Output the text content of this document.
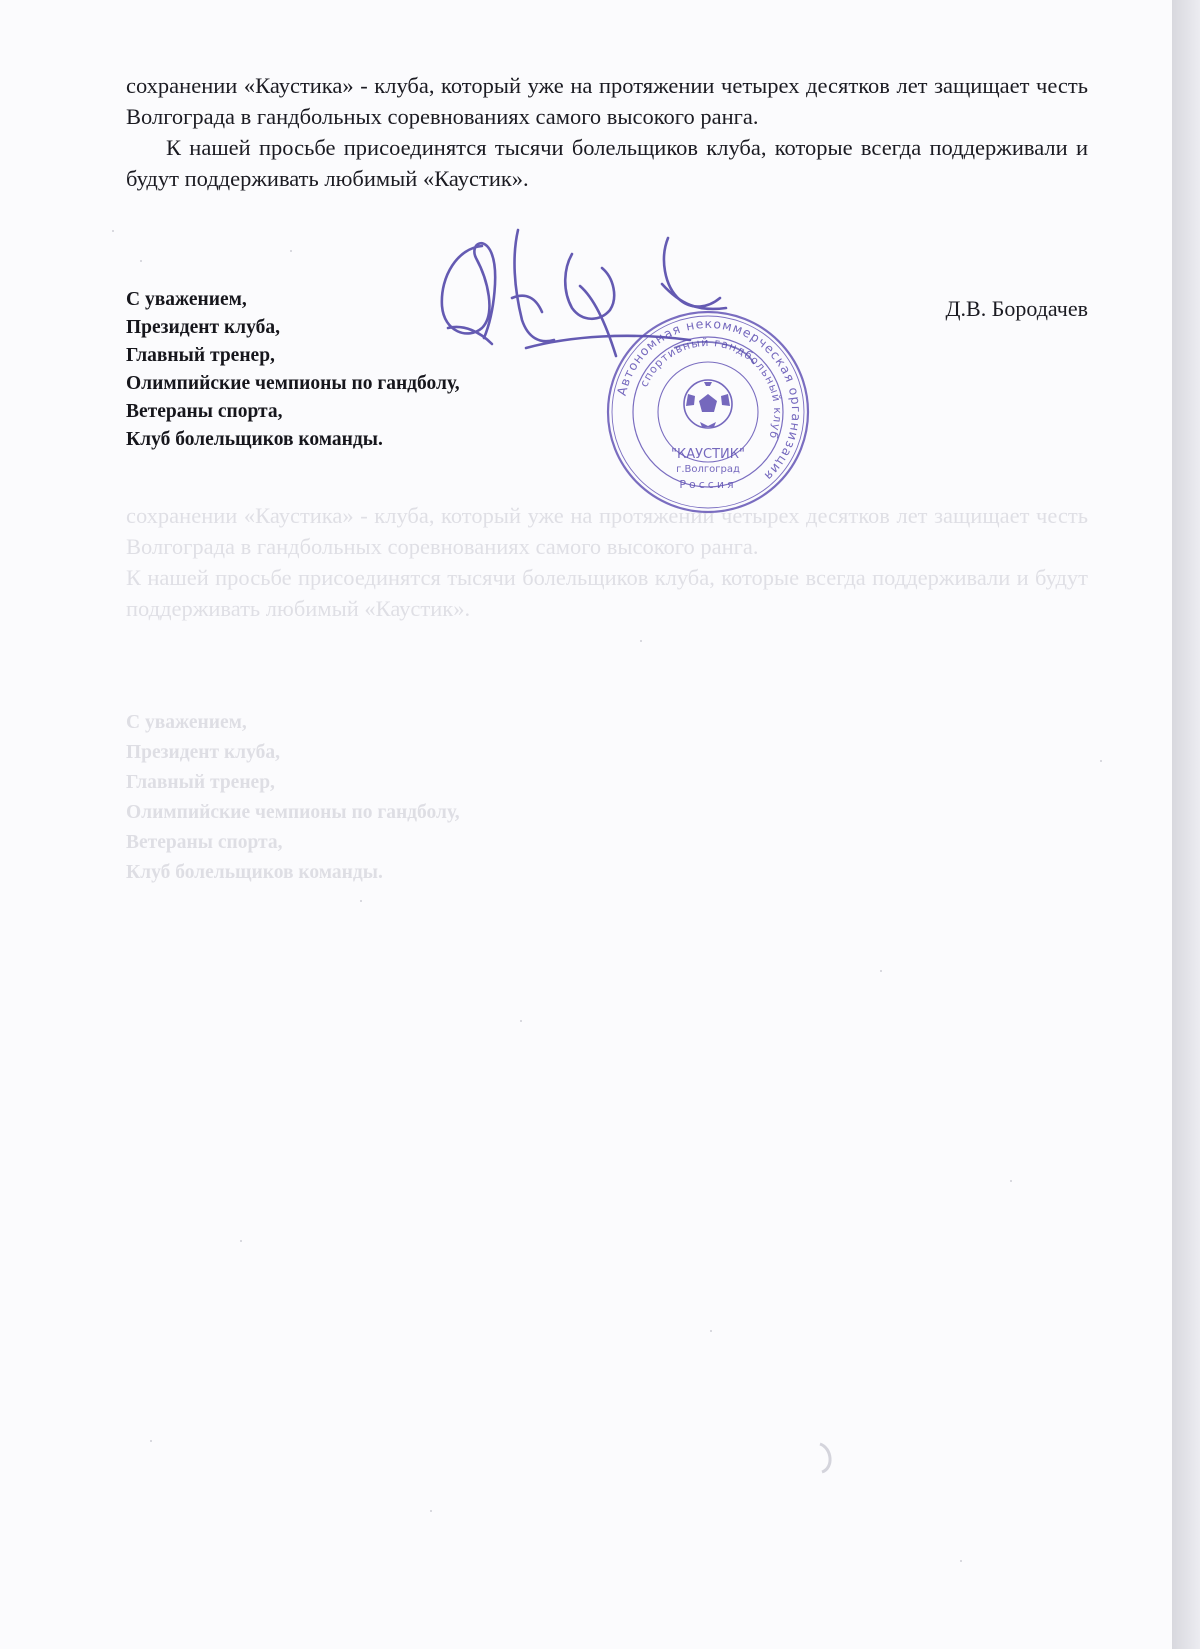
сохранении «Каустика» - клуба, который уже на протяжении четырех десятков лет защищает честь Волгограда в гандбольных соревнованиях самого высокого ранга.

К нашей просьбе присоединятся тысячи болельщиков клуба, которые всегда поддерживали и будут поддерживать любимый «Каустик».

С уважением,
Президент клуба,
Главный тренер,
Олимпийские чемпионы по гандболу,
Ветераны спорта,
Клуб болельщиков команды.
Д.В. Бородачев
Автономная некоммерческая организация
спортивный гандбольный клуб
"КАУСТИК"
г.Волгоград
Россия

сохранении «Каустика» - клуба, который уже на протяжении четырех десятков лет защищает честь Волгограда в гандбольных соревнованиях самого высокого ранга.

К нашей просьбе присоединятся тысячи болельщиков клуба, которые всегда поддерживали и будут поддерживать любимый «Каустик».

С уважением,
Президент клуба,
Главный тренер,
Олимпийские чемпионы по гандболу,
Ветераны спорта,
Клуб болельщиков команды.
